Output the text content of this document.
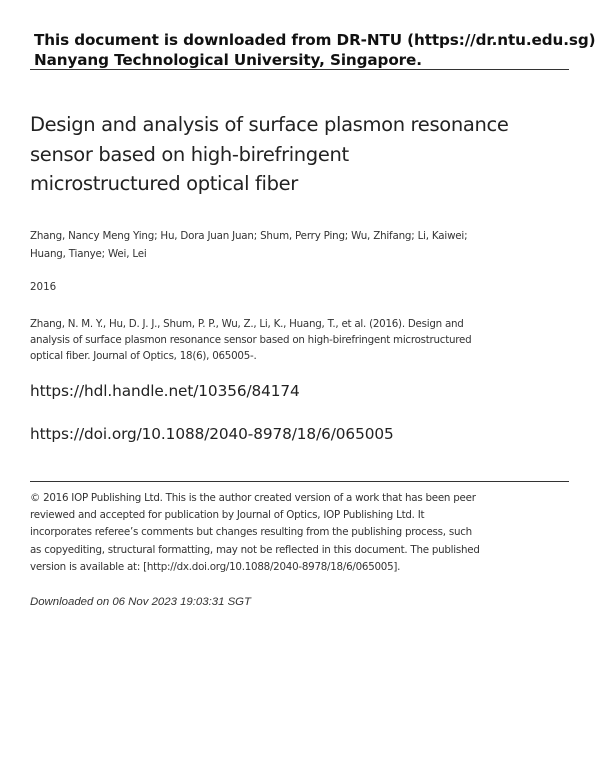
This document is downloaded from DR-NTU (https://dr.ntu.edu.sg)
Nanyang Technological University, Singapore.
Design and analysis of surface plasmon resonance
sensor based on high-birefringent
microstructured optical fiber
Zhang, Nancy Meng Ying; Hu, Dora Juan Juan; Shum, Perry Ping; Wu, Zhifang; Li, Kaiwei;
Huang, Tianye; Wei, Lei
2016
Zhang, N. M. Y., Hu, D. J. J., Shum, P. P., Wu, Z., Li, K., Huang, T., et al. (2016). Design and
analysis of surface plasmon resonance sensor based on high-birefringent microstructured
optical fiber. Journal of Optics, 18(6), 065005-.
https://hdl.handle.net/10356/84174
https://doi.org/10.1088/2040-8978/18/6/065005
© 2016 IOP Publishing Ltd. This is the author created version of a work that has been peer
reviewed and accepted for publication by Journal of Optics, IOP Publishing Ltd. It
incorporates referee’s comments but changes resulting from the publishing process, such
as copyediting, structural formatting, may not be reflected in this document. The published
version is available at: [http://dx.doi.org/10.1088/2040-8978/18/6/065005].
Downloaded on 06 Nov 2023 19:03:31 SGT
